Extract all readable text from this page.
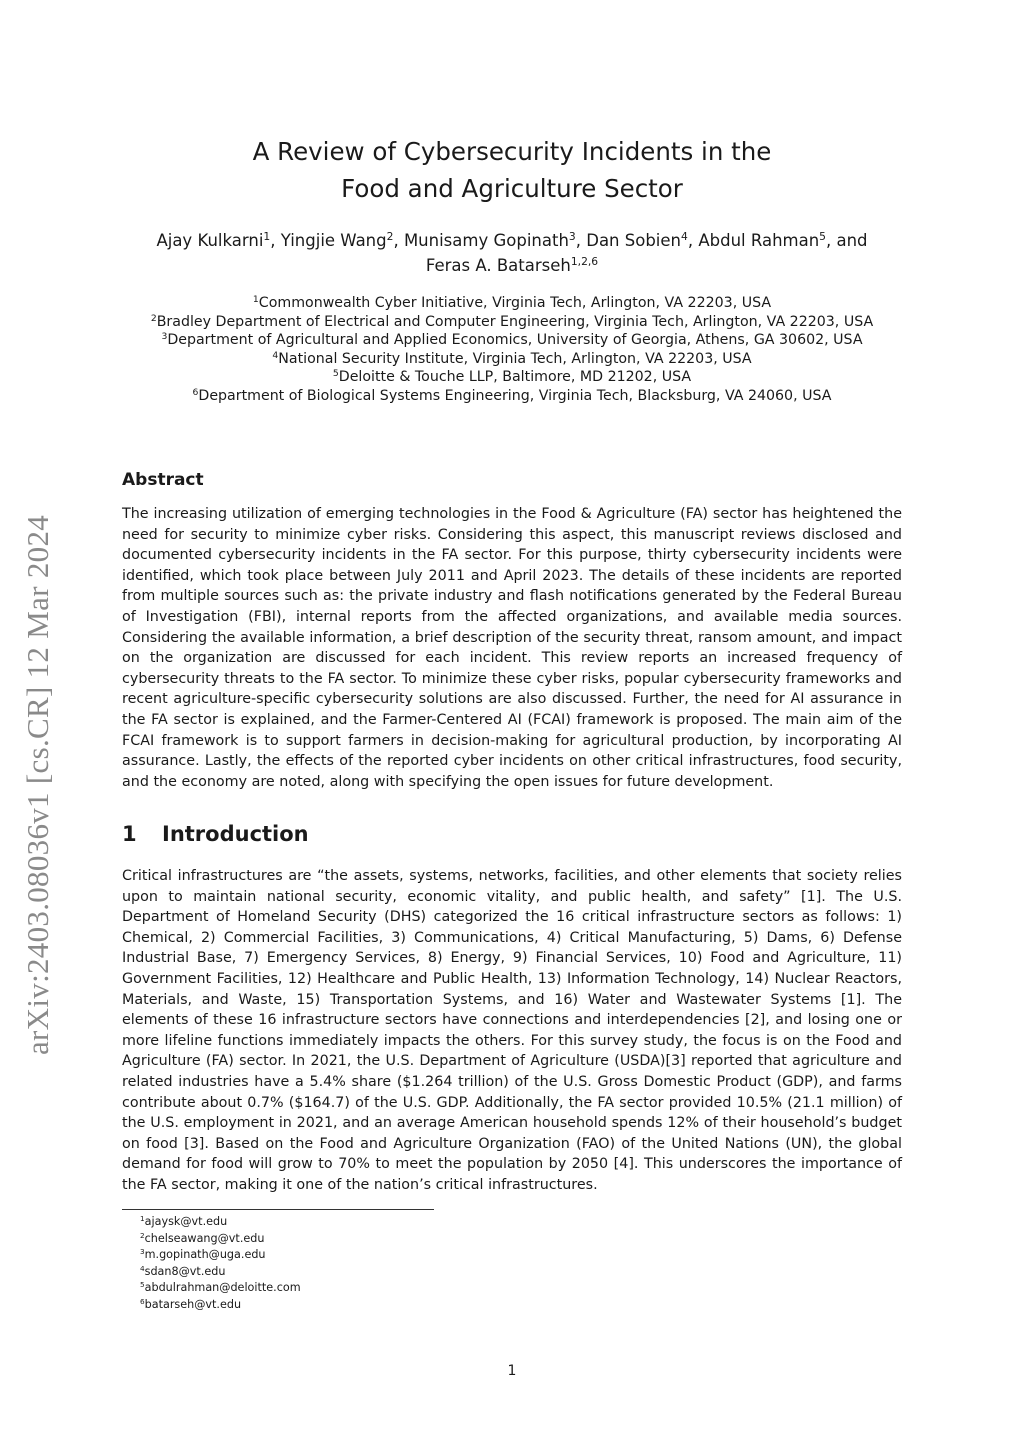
arXiv:2403.08036v1 [cs.CR] 12 Mar 2024
A Review of Cybersecurity Incidents in the
Food and Agriculture Sector
Ajay Kulkarni$^1$, Yingjie Wang$^2$, Munisamy Gopinath$^3$, Dan Sobien$^4$, Abdul Rahman$^5$, and
Feras A. Batarseh$^{1,2,6}$
$^1$Commonwealth Cyber Initiative, Virginia Tech, Arlington, VA 22203, USA
$^2$Bradley Department of Electrical and Computer Engineering, Virginia Tech, Arlington, VA 22203, USA
$^3$Department of Agricultural and Applied Economics, University of Georgia, Athens, GA 30602, USA
$^4$National Security Institute, Virginia Tech, Arlington, VA 22203, USA
$^5$Deloitte & Touche LLP, Baltimore, MD 21202, USA
$^6$Department of Biological Systems Engineering, Virginia Tech, Blacksburg, VA 24060, USA
Abstract
The increasing utilization of emerging technologies in the Food & Agriculture (FA) sector has heightened the need for security to minimize cyber risks. Considering this aspect, this manuscript reviews disclosed and documented cybersecurity incidents in the FA sector. For this purpose, thirty cybersecurity incidents were identified, which took place between July 2011 and April 2023. The details of these incidents are reported from multiple sources such as: the private industry and flash notifications generated by the Federal Bureau of Investigation (FBI), internal reports from the affected organizations, and available media sources. Considering the available information, a brief description of the security threat, ransom amount, and impact on the organization are discussed for each incident. This review reports an increased frequency of cybersecurity threats to the FA sector. To minimize these cyber risks, popular cybersecurity frameworks and recent agriculture-specific cybersecurity solutions are also discussed. Further, the need for AI assurance in the FA sector is explained, and the Farmer-Centered AI (FCAI) framework is proposed. The main aim of the FCAI framework is to support farmers in decision-making for agricultural production, by incorporating AI assurance. Lastly, the effects of the reported cyber incidents on other critical infrastructures, food security, and the economy are noted, along with specifying the open issues for future development.
1 Introduction
Critical infrastructures are “the assets, systems, networks, facilities, and other elements that society relies upon to maintain national security, economic vitality, and public health, and safety” [1]. The U.S. Department of Homeland Security (DHS) categorized the 16 critical infrastructure sectors as follows: 1) Chemical, 2) Commercial Facilities, 3) Communications, 4) Critical Manufacturing, 5) Dams, 6) Defense Industrial Base, 7) Emergency Services, 8) Energy, 9) Financial Services, 10) Food and Agriculture, 11) Government Facilities, 12) Healthcare and Public Health, 13) Information Technology, 14) Nuclear Reactors, Materials, and Waste, 15) Transportation Systems, and 16) Water and Wastewater Systems [1]. The elements of these 16 infrastructure sectors have connections and interdependencies [2], and losing one or more lifeline functions immediately impacts the others. For this survey study, the focus is on the Food and Agriculture (FA) sector. In 2021, the U.S. Department of Agriculture (USDA)[3] reported that agriculture and related industries have a 5.4% share ($1.264 trillion) of the U.S. Gross Domestic Product (GDP), and farms contribute about 0.7% ($164.7) of the U.S. GDP. Additionally, the FA sector provided 10.5% (21.1 million) of the U.S. employment in 2021, and an average American household spends 12% of their household’s budget on food [3]. Based on the Food and Agriculture Organization (FAO) of the United Nations (UN), the global demand for food will grow to 70% to meet the population by 2050 [4]. This underscores the importance of the FA sector, making it one of the nation’s critical infrastructures.
$^1$ajaysk@vt.edu
$^2$chelseawang@vt.edu
$^3$m.gopinath@uga.edu
$^4$sdan8@vt.edu
$^5$abdulrahman@deloitte.com
$^6$batarseh@vt.edu
1
